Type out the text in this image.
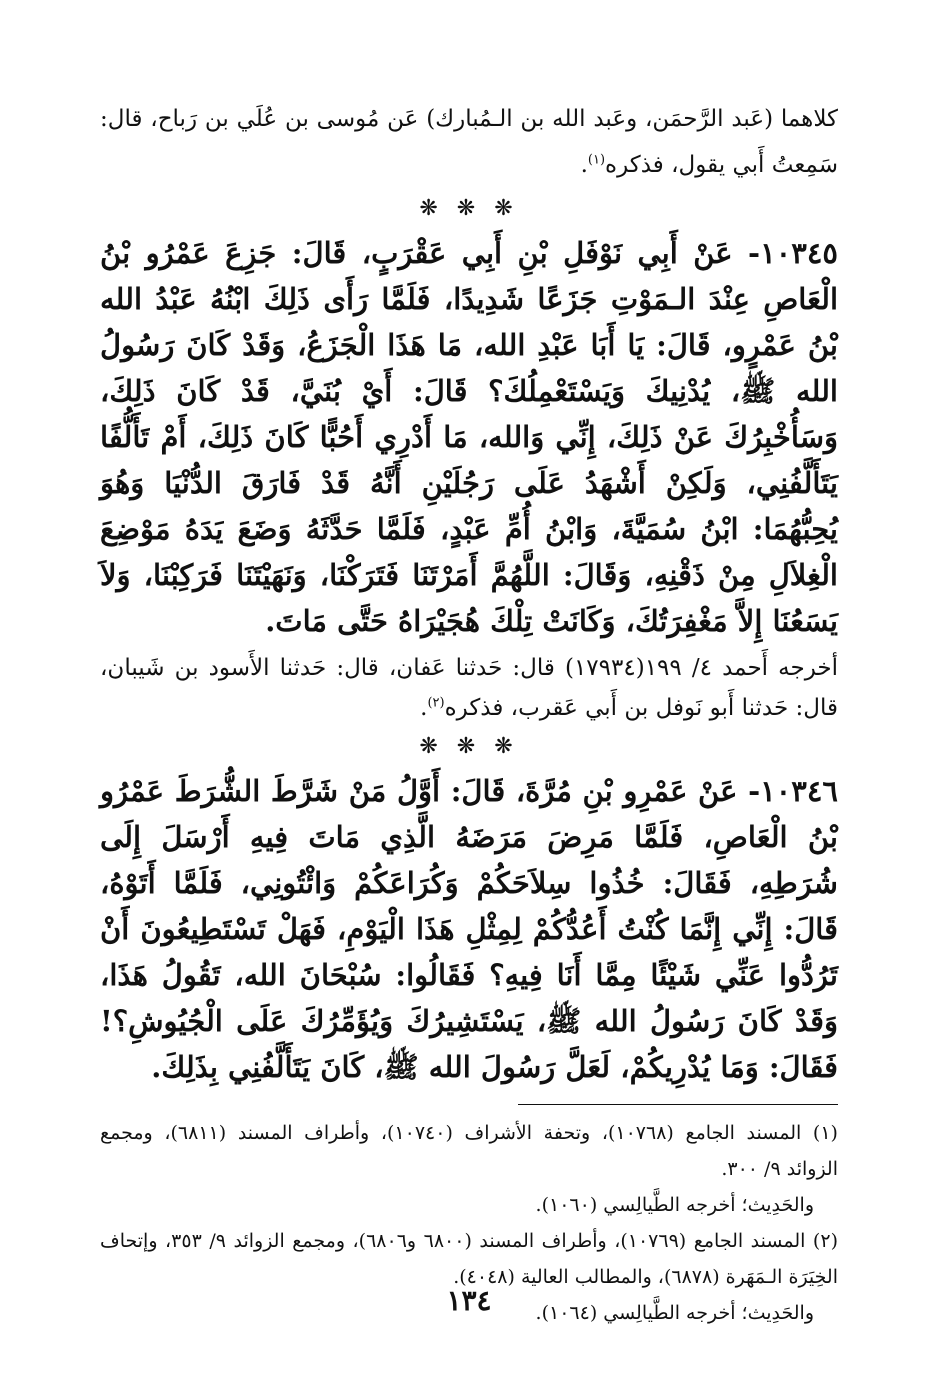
كلاهما (عَبد الرَّحمَن، وعَبد الله بن الـمُبارك) عَن مُوسى بن عُلَي بن رَباح، قال: سَمِعتُ أَبي يقول، فذكره$^{(١)}$.

❋ ❋ ❋

١٠٣٤٥- عَنْ أَبِي نَوْفَلِ بْنِ أَبِي عَقْرَبٍ، قَالَ: جَزِعَ عَمْرُو بْنُ الْعَاصِ عِنْدَ الـمَوْتِ جَزَعًا شَدِيدًا، فَلَمَّا رَأَى ذَلِكَ ابْنُهُ عَبْدُ الله بْنُ عَمْرٍو، قَالَ: يَا أَبَا عَبْدِ الله، مَا هَذَا الْجَزَعُ، وَقَدْ كَانَ رَسُولُ الله ﷺ، يُدْنِيكَ وَيَسْتَعْمِلُكَ؟ قَالَ: أَيْ بُنَيَّ، قَدْ كَانَ ذَلِكَ، وَسَأُخْبِرُكَ عَنْ ذَلِكَ، إِنِّي وَالله، مَا أَدْرِي أَحُبًّا كَانَ ذَلِكَ، أَمْ تَأَلُّفًا يَتَأَلَّفُنِي، وَلَكِنْ أَشْهَدُ عَلَى رَجُلَيْنِ أَنَّهُ قَدْ فَارَقَ الدُّنْيَا وَهُوَ يُحِبُّهُمَا: ابْنُ سُمَيَّةَ، وَابْنُ أُمِّ عَبْدٍ، فَلَمَّا حَدَّثَهُ وَضَعَ يَدَهُ مَوْضِعَ الْغِلاَلِ مِنْ ذَقْنِهِ، وَقَالَ: اللَّهُمَّ أَمَرْتَنَا فَتَرَكْنَا، وَنَهَيْتَنَا فَرَكِبْنَا، وَلاَ يَسَعُنَا إِلاَّ مَغْفِرَتُكَ، وَكَانَتْ تِلْكَ هُجَيْرَاهُ حَتَّى مَاتَ.

أخرجه أَحمد ٤/ ١٩٩(١٧٩٣٤) قال: حَدثنا عَفان، قال: حَدثنا الأَسود بن شَيبان، قال: حَدثنا أَبو نَوفل بن أَبي عَقرب، فذكره$^{(٢)}$.

❋ ❋ ❋

١٠٣٤٦- عَنْ عَمْرِو بْنِ مُرَّةَ، قَالَ: أَوَّلُ مَنْ شَرَّطَ الشُّرَطَ عَمْرُو بْنُ الْعَاصِ، فَلَمَّا مَرِضَ مَرَضَهُ الَّذِي مَاتَ فِيهِ أَرْسَلَ إِلَى شُرَطِهِ، فَقَالَ: خُذُوا سِلاَحَكُمْ وَكُرَاعَكُمْ وَائْتُونِي، فَلَمَّا أَتَوْهُ، قَالَ: إِنِّي إِنَّمَا كُنْتُ أَعُدُّكُمْ لِمِثْلِ هَذَا الْيَوْمِ، فَهَلْ تَسْتَطِيعُونَ أَنْ تَرُدُّوا عَنِّي شَيْئًا مِمَّا أَنَا فِيهِ؟ فَقَالُوا: سُبْحَانَ الله، تَقُولُ هَذَا، وَقَدْ كَانَ رَسُولُ الله ﷺ، يَسْتَشِيرُكَ وَيُؤَمِّرُكَ عَلَى الْجُيُوشِ؟! فَقَالَ: وَمَا يُدْرِيكُمْ، لَعَلَّ رَسُولَ الله ﷺ، كَانَ يَتَأَلَّفُنِي بِذَلِكَ.

(١) المسند الجامع (١٠٧٦٨)، وتحفة الأشراف (١٠٧٤٠)، وأطراف المسند (٦٨١١)، ومجمع الزوائد ٩/ ٣٠٠.

والحَدِيث؛ أخرجه الطَّيالِسي (١٠٦٠).

(٢) المسند الجامع (١٠٧٦٩)، وأطراف المسند (٦٨٠٠ و٦٨٠٦)، ومجمع الزوائد ٩/ ٣٥٣، وإتحاف الخِيَرَة الـمَهَرة (٦٨٧٨)، والمطالب العالية (٤٠٤٨).

والحَدِيث؛ أخرجه الطَّيالِسي (١٠٦٤).

١٣٤
